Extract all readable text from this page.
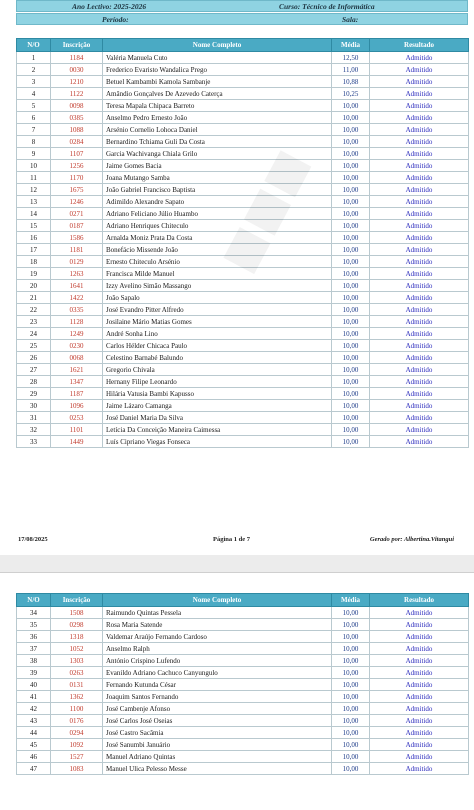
Ano Lectivo: 2025-2026	Curso: Técnico de Informática
Período:	Sala:
N/O	Inscrição	Nome Completo	Média	Resultado
1	1184	Valéria Manuela Cuto	12,50	Admitido
2	0030	Frederico Evaristo Wandalica Prego	11,00	Admitido
3	1210	Betuel Kambambi Kamola Sambanje	10,88	Admitido
4	1122	Amândio Gonçalves De Azevedo Caterça	10,25	Admitido
5	0098	Teresa Mapala Chipaca Barreto	10,00	Admitido
6	0385	Anselmo Pedro Ernesto João	10,00	Admitido
7	1088	Arsénio Cornelio Lohoca Daniel	10,00	Admitido
8	0284	Bernardino Tchiama Guli Da Costa	10,00	Admitido
9	1107	Garcia Wachivanga Chiala Grilo	10,00	Admitido
10	1256	Jaime Gomes Bacia	10,00	Admitido
11	1170	Joana Mutango Samba	10,00	Admitido
12	1675	João Gabriel Francisco Baptista	10,00	Admitido
13	1246	Adimildo Alexandre Sapato	10,00	Admitido
14	0271	Adriano Feliciano Júlio Huambo	10,00	Admitido
15	0187	Adriano Henriques Chiteculo	10,00	Admitido
16	1586	Arnalda Moniz Prata Da Costa	10,00	Admitido
17	1181	Bonefácio Missende João	10,00	Admitido
18	0129	Ernesto Chiteculo Arsénio	10,00	Admitido
19	1263	Francisca Milde Manuel	10,00	Admitido
20	1641	Izzy Avelino Simão Massango	10,00	Admitido
21	1422	João Sapalo	10,00	Admitido
22	0335	José Evandro Pitter Alfredo	10,00	Admitido
23	1128	Josilaine Mário Matias Gomes	10,00	Admitido
24	1249	André Sonha Lino	10,00	Admitido
25	0230	Carlos Hélder Chicaca Paulo	10,00	Admitido
26	0068	Celestino Barnabé Balundo	10,00	Admitido
27	1621	Gregorio Chivala	10,00	Admitido
28	1347	Hernany Filipe Leonardo	10,00	Admitido
29	1187	Hilária Vatusia Bambi Kapusso	10,00	Admitido
30	1096	Jaime Lázaro Camanga	10,00	Admitido
31	0253	José Daniel Maria Da Silva	10,00	Admitido
32	1101	Letícia Da Conceição Maneira Caimessa	10,00	Admitido
33	1449	Luís Cipriano Viegas Fonseca	10,00	Admitido
17/08/2025	Página 1 de 7	Gerado por: Albertina.Vitangui
N/O	Inscrição	Nome Completo	Média	Resultado
34	1508	Raimundo Quintas Pessela	10,00	Admitido
35	0298	Rosa Maria Satende	10,00	Admitido
36	1318	Valdemar Araújo Fernando Cardoso	10,00	Admitido
37	1052	Anselmo Ralph	10,00	Admitido
38	1303	António Crispino Lufendo	10,00	Admitido
39	0263	Evanildo Adriano Cachuco Canyungulo	10,00	Admitido
40	0131	Fernando Kutunda César	10,00	Admitido
41	1362	Joaquim Santos Fernando	10,00	Admitido
42	1100	José Cambenje Afonso	10,00	Admitido
43	0176	José Carlos José Oseias	10,00	Admitido
44	0294	José Castro Sacâmia	10,00	Admitido
45	1092	José Sanumbi Januário	10,00	Admitido
46	1527	Manuel Adriano Quintas	10,00	Admitido
47	1083	Manuel Ulica Pelesso Messe	10,00	Admitido
